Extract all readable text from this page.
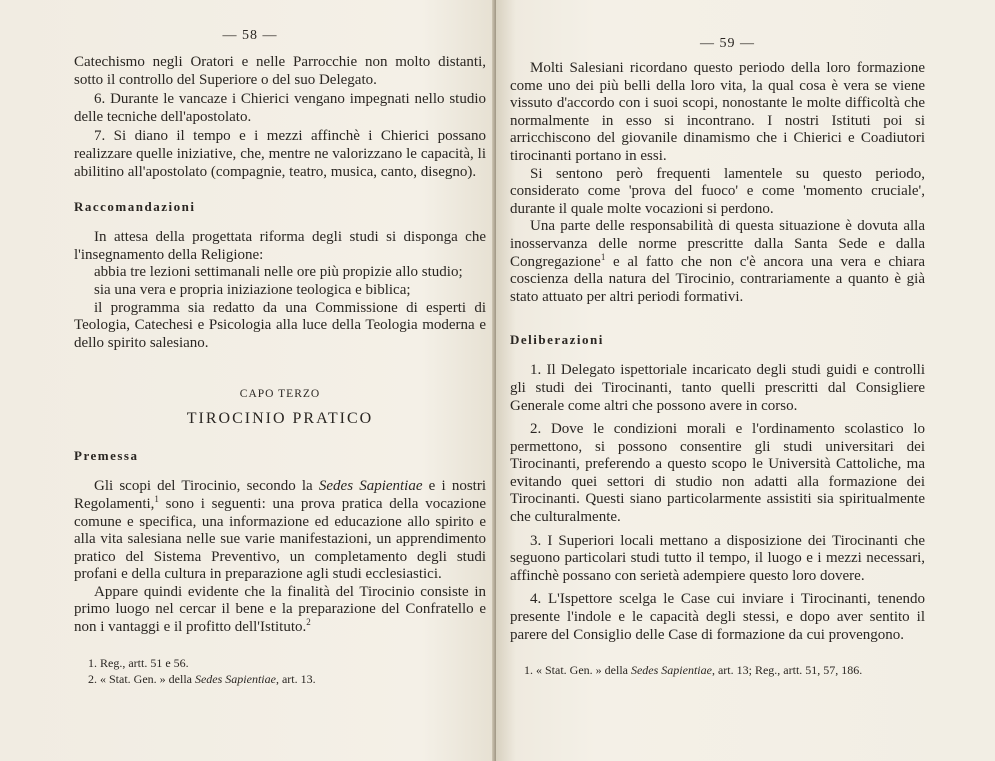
— 58 —

Catechismo negli Oratori e nelle Parrocchie non molto distanti, sotto il controllo del Superiore o del suo Delegato.

6. Durante le vancaze i Chierici vengano impegnati nello studio delle tecniche dell'apostolato.

7. Si diano il tempo e i mezzi affinchè i Chierici possano realizzare quelle iniziative, che, mentre ne valorizzano le capacità, li abilitino all'apostolato (compagnie, teatro, musica, canto, disegno).

Raccomandazioni

In attesa della progettata riforma degli studi si disponga che l'insegnamento della Religione:

abbia tre lezioni settimanali nelle ore più propizie allo studio;

sia una vera e propria iniziazione teologica e biblica;

il programma sia redatto da una Commissione di esperti di Teologia, Catechesi e Psicologia alla luce della Teologia moderna e dello spirito salesiano.

CAPO TERZO
TIROCINIO PRATICO
Premessa

Gli scopi del Tirocinio, secondo la Sedes Sapientiae e i nostri Regolamenti,$^1$ sono i seguenti: una prova pratica della vocazione comune e specifica, una informazione ed educazione allo spirito e alla vita salesiana nelle sue varie manifestazioni, un apprendimento pratico del Sistema Preventivo, un completamento degli studi profani e della cultura in preparazione agli studi ecclesiastici.

Appare quindi evidente che la finalità del Tirocinio consiste in primo luogo nel cercar il bene e la preparazione del Confratello e non i vantaggi e il profitto dell'Istituto.$^2$

1. Reg., artt. 51 e 56.
2. « Stat. Gen. » della Sedes Sapientiae, art. 13.
— 59 —

Molti Salesiani ricordano questo periodo della loro formazione come uno dei più belli della loro vita, la qual cosa è vera se viene vissuto d'accordo con i suoi scopi, nonostante le molte difficoltà che normalmente in esso si incontrano. I nostri Istituti poi si arricchiscono del giovanile dinamismo che i Chierici e Coadiutori tirocinanti portano in essi.

Si sentono però frequenti lamentele su questo periodo, considerato come 'prova del fuoco' e come 'momento cruciale', durante il quale molte vocazioni si perdono.

Una parte delle responsabilità di questa situazione è dovuta alla inosservanza delle norme prescritte dalla Santa Sede e dalla Congregazione$^1$ e al fatto che non c'è ancora una vera e chiara coscienza della natura del Tirocinio, contrariamente a quanto è già stato attuato per altri periodi formativi.

Deliberazioni

1. Il Delegato ispettoriale incaricato degli studi guidi e controlli gli studi dei Tirocinanti, tanto quelli prescritti dal Consigliere Generale come altri che possono avere in corso.

2. Dove le condizioni morali e l'ordinamento scolastico lo permettono, si possono consentire gli studi universitari dei Tirocinanti, preferendo a questo scopo le Università Cattoliche, ma evitando quei settori di studio non adatti alla formazione dei Tirocinanti. Questi siano particolarmente assistiti sia spiritualmente che culturalmente.

3. I Superiori locali mettano a disposizione dei Tirocinanti che seguono particolari studi tutto il tempo, il luogo e i mezzi necessari, affinchè possano con serietà adempiere questo loro dovere.

4. L'Ispettore scelga le Case cui inviare i Tirocinanti, tenendo presente l'indole e le capacità degli stessi, e dopo aver sentito il parere del Consiglio delle Case di formazione da cui provengono.

1. « Stat. Gen. » della Sedes Sapientiae, art. 13; Reg., artt. 51, 57, 186.
